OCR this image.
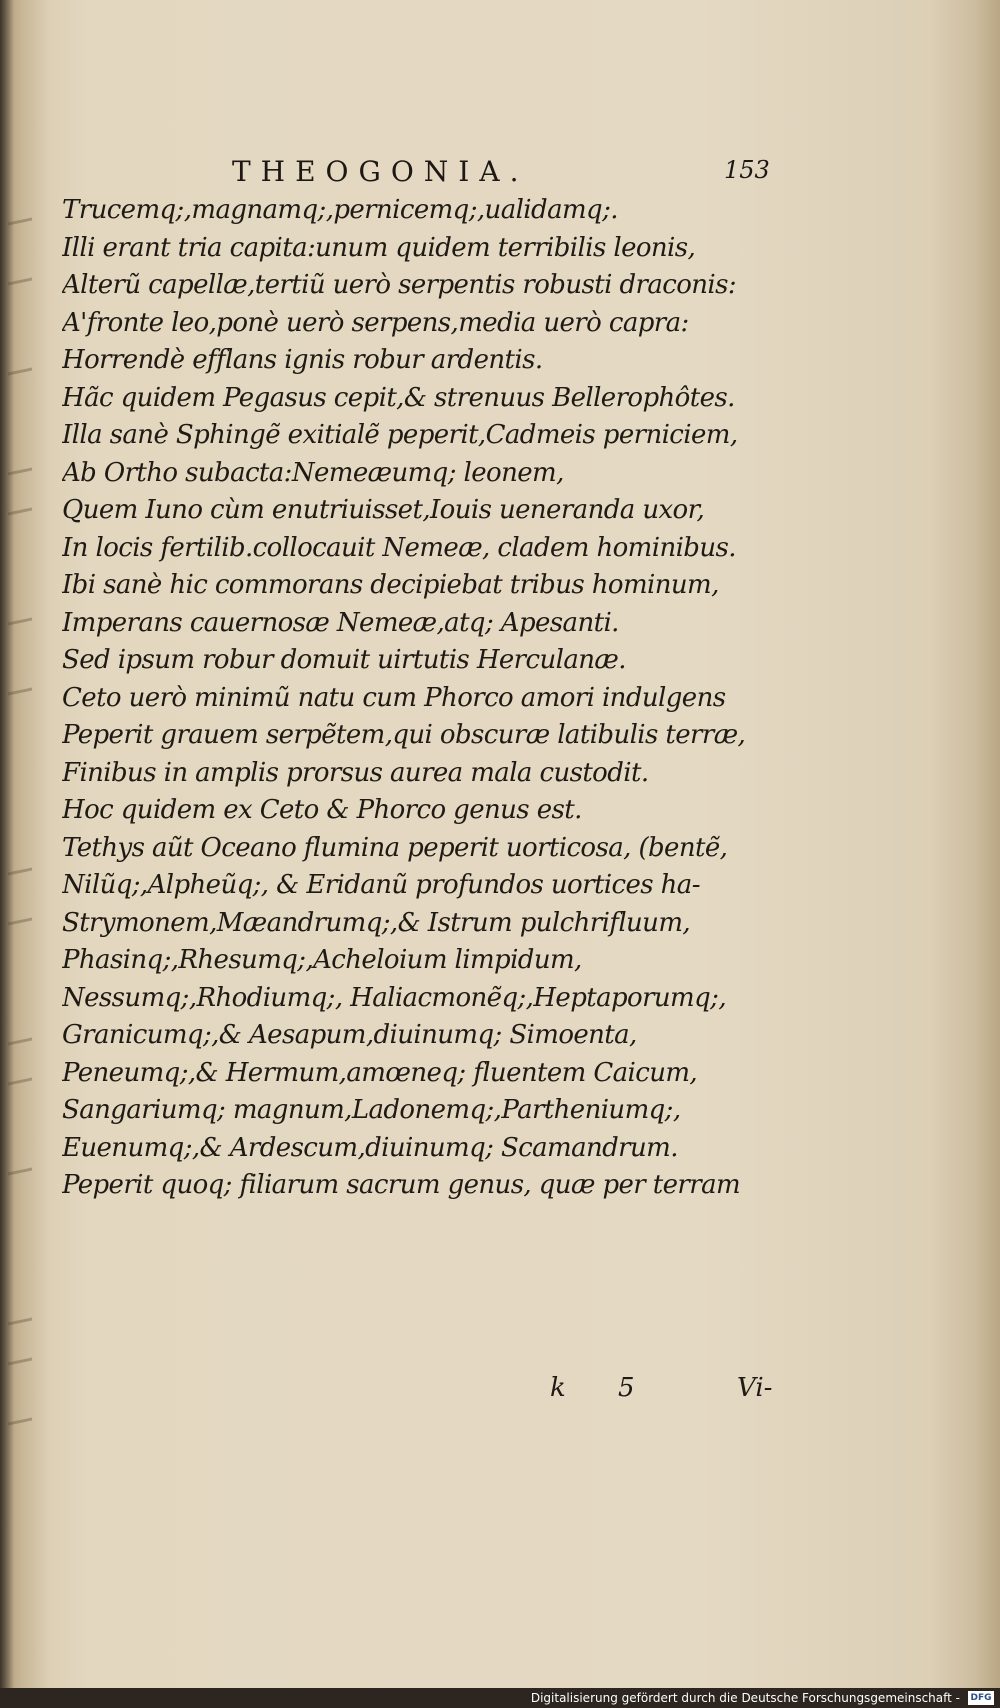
THEOGONIA.	153
Trucemq;,magnamq;,pernicemq;,ualidamq;.
Illi erant tria capita:unum quidem terribilis leonis,
Alterũ capellæ,tertiũ uerò serpentis robusti draconis:
A'fronte leo,ponè uerò serpens,media uerò capra:
Horrendè efflans ignis robur ardentis.
Hãc quidem Pegasus cepit,& strenuus Bellerophôtes.
Illa sanè Sphingẽ exitialẽ peperit,Cadmeis perniciem,
Ab Ortho subacta:Nemeæumq; leonem,
Quem Iuno cùm enutriuisset,Iouis ueneranda uxor,
In locis fertilib.collocauit Nemeæ, cladem hominibus.
Ibi sanè hic commorans decipiebat tribus hominum,
Imperans cauernosæ Nemeæ,atq; Apesanti.
Sed ipsum robur domuit uirtutis Herculanæ.
Ceto uerò minimũ natu cum Phorco amori indulgens
Peperit grauem serpẽtem,qui obscuræ latibulis terræ,
Finibus in amplis prorsus aurea mala custodit.
Hoc quidem ex Ceto & Phorco genus est.
Tethys aũt Oceano flumina peperit uorticosa, (bentẽ,
Nilũq;,Alpheũq;, & Eridanũ profundos uortices ha-
Strymonem,Mæandrumq;,& Istrum pulchrifluum,
Phasinq;,Rhesumq;,Acheloium limpidum,
Nessumq;,Rhodiumq;, Haliacmonẽq;,Heptaporumq;,
Granicumq;,& Aesapum,diuinumq; Simoenta,
Peneumq;,& Hermum,amœneq; fluentem Caicum,
Sangariumq; magnum,Ladonemq;,Partheniumq;,
Euenumq;,& Ardescum,diuinumq; Scamandrum.
Peperit quoq; filiarum sacrum genus, quæ per terram
k	5	Vi-
Digitalisierung gefördert durch die Deutsche Forschungsgemeinschaft -	DFG
